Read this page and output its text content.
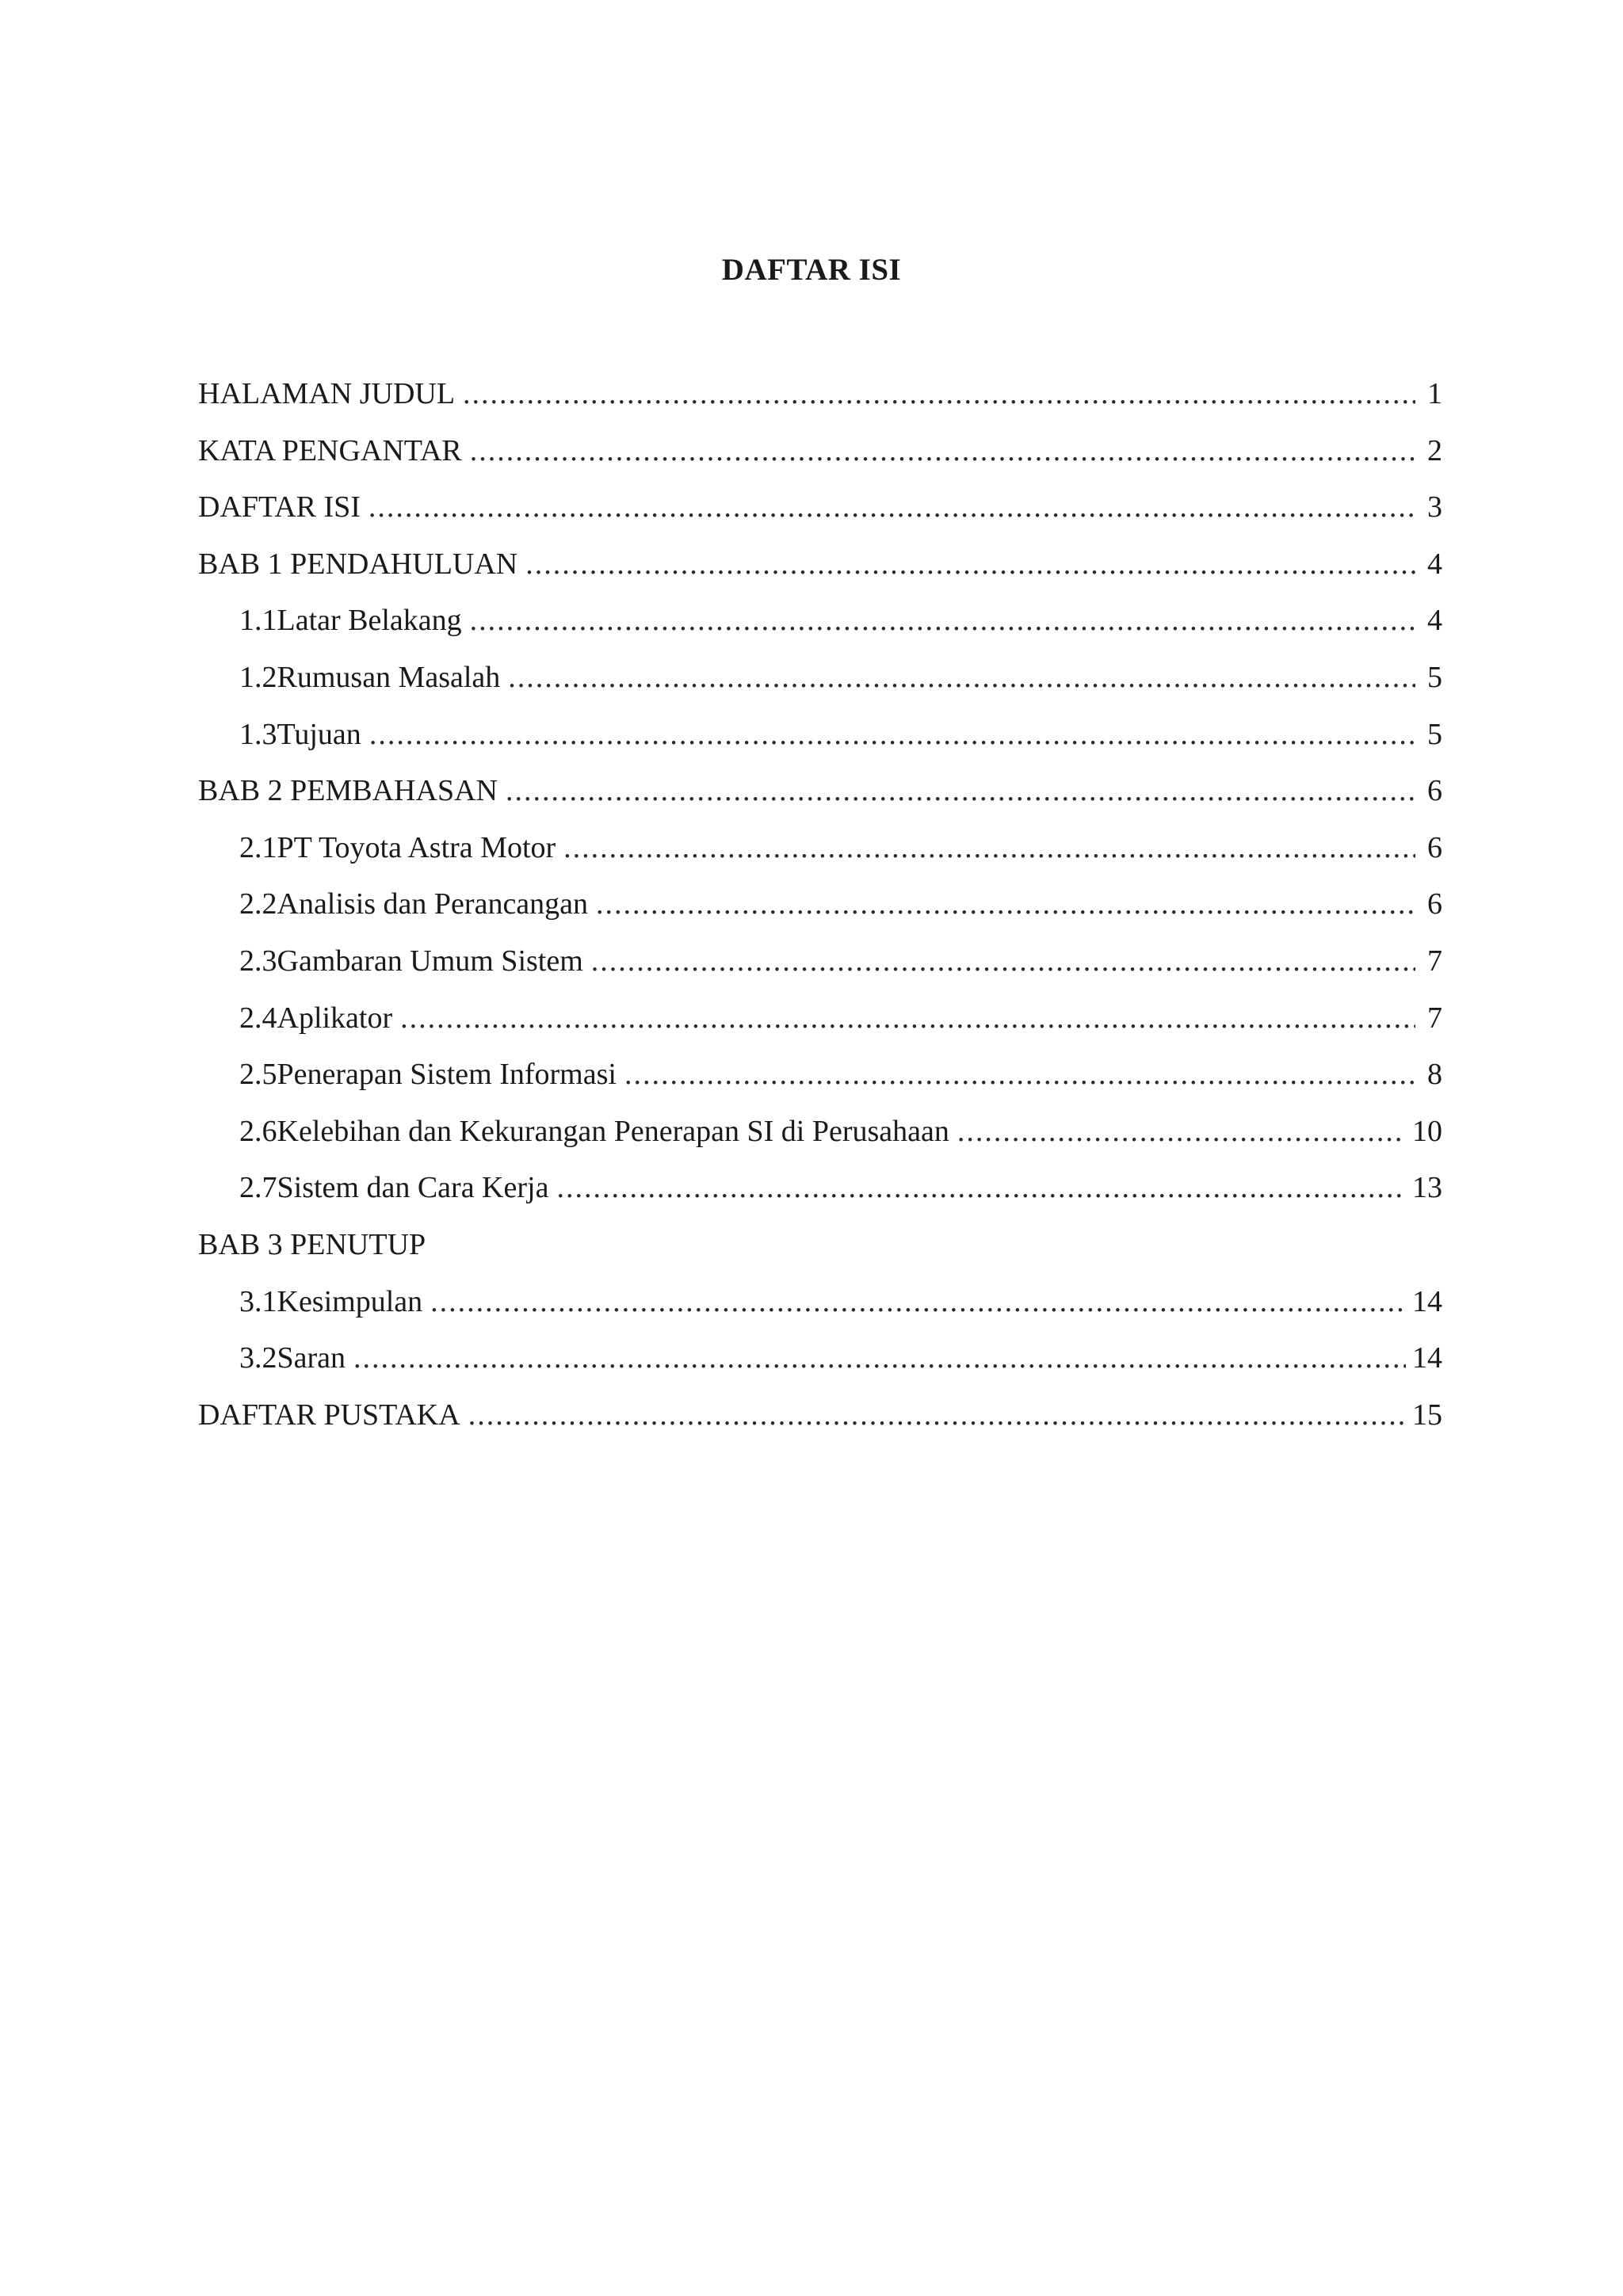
DAFTAR ISI
HALAMAN JUDUL .....	1
KATA PENGANTAR .....	2
DAFTAR ISI .....	3
BAB 1 PENDAHULUAN .....	4
1.1 Latar Belakang .....	4
1.2 Rumusan Masalah .....	5
1.3 Tujuan .....	5
BAB 2 PEMBAHASAN .....	6
2.1 PT Toyota Astra Motor .....	6
2.2 Analisis dan Perancangan .....	6
2.3 Gambaran Umum Sistem .....	7
2.4 Aplikator .....	7
2.5 Penerapan Sistem Informasi .....	8
2.6 Kelebihan dan Kekurangan Penerapan SI di Perusahaan .....	10
2.7 Sistem dan Cara Kerja .....	13
BAB 3 PENUTUP
3.1 Kesimpulan .....	14
3.2 Saran .....	14
DAFTAR PUSTAKA .....	15
